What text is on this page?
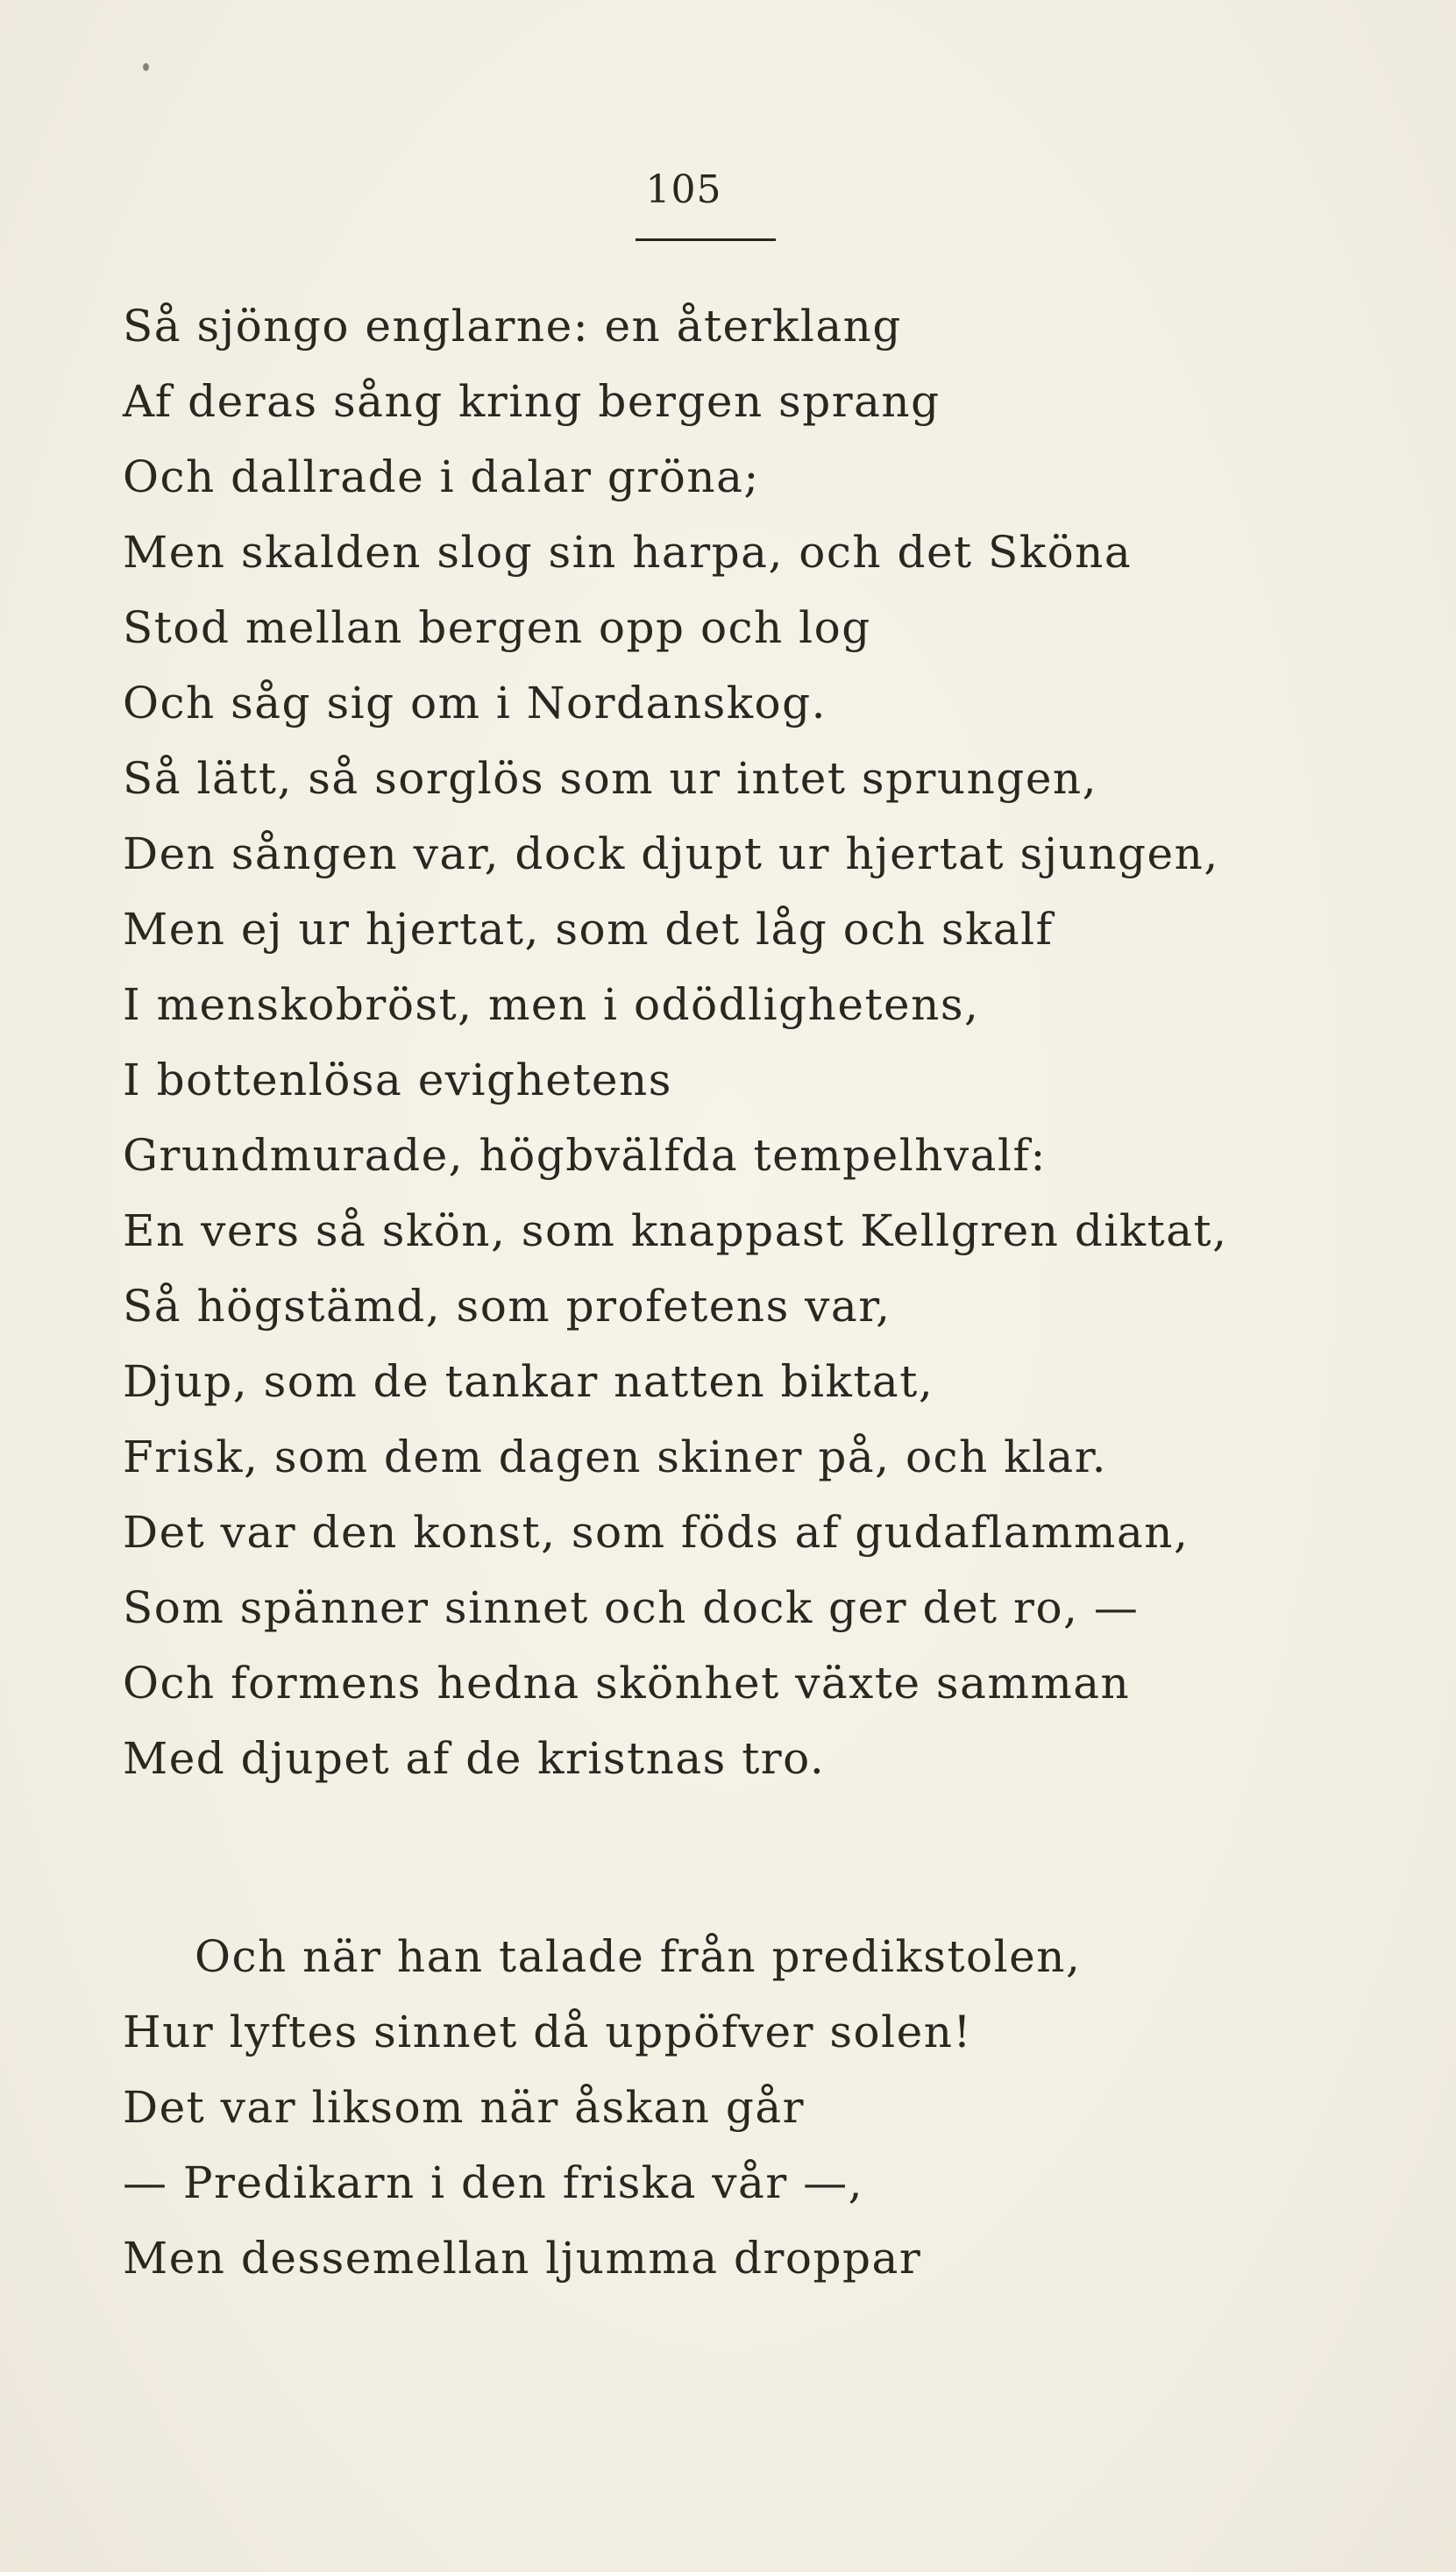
105
Så sjöngo englarne: en återklang
Af deras sång kring bergen sprang
Och dallrade i dalar gröna;
Men skalden slog sin harpa, och det Sköna
Stod mellan bergen opp och log
Och såg sig om i Nordanskog.
Så lätt, så sorglös som ur intet sprungen,
Den sången var, dock djupt ur hjertat sjungen,
Men ej ur hjertat, som det låg och skalf
I menskobröst, men i odödlighetens,
I bottenlösa evighetens
Grundmurade, högbvälfda tempelhvalf:
En vers så skön, som knappast Kellgren diktat,
Så högstämd, som profetens var,
Djup, som de tankar natten biktat,
Frisk, som dem dagen skiner på, och klar.
Det var den konst, som föds af gudaflamman,
Som spänner sinnet och dock ger det ro, —
Och formens hedna skönhet växte samman
Med djupet af de kristnas tro.
Och när han talade från predikstolen,
Hur lyftes sinnet då uppöfver solen!
Det var liksom när åskan går
— Predikarn i den friska vår —,
Men dessemellan ljumma droppar
